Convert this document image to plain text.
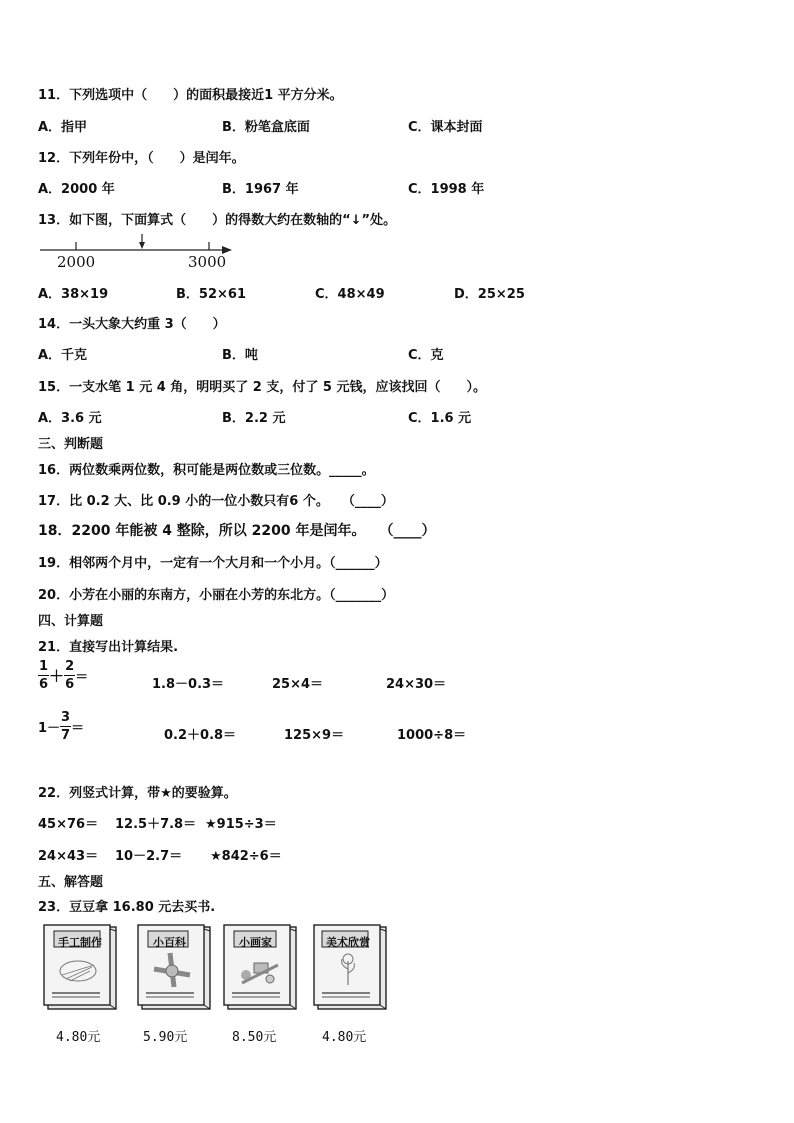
11．下列选项中（　　）的面积最接近1 平方分米。
A．指甲	B．粉笔盒底面	C．课本封面
12．下列年份中，（　　）是闰年。
A．2000 年	B．1967 年	C．1998 年
13．如下图，下面算式（　　）的得数大约在数轴的“↓”处。
2000	3000
A．38×19	B．52×61	C．48×49	D．25×25
14．一头大象大约重 3（　　）
A．千克	B．吨	C．克
15．一支水笔 1 元 4 角，明明买了 2 支，付了 5 元钱，应该找回（　　）。
A．3.6 元	B．2.2 元	C．1.6 元
三、判断题
16．两位数乘两位数，积可能是两位数或三位数。_____。
17．比 0.2 大、比 0.9 小的一位小数只有6 个。　　（____）
18．2200 年能被 4 整除，所以 2200 年是闰年。　　（____）
19．相邻两个月中，一定有一个大月和一个小月。（______）
20．小芳在小丽的东南方，小丽在小芳的东北方。（_______）
四、计算题
21．直接写出计算结果.
$\frac{1}{6} + \frac{2}{6}$ ＝	1.8－0.3＝	25×4＝	24×30＝
$1- \frac{3}{7}$ ＝	0.2＋0.8＝	125×9＝	1000÷8＝
22．列竖式计算，带★的要验算。
45×76＝ 12.5＋7.8＝ ★915÷3＝
24×43＝ 10－2.7＝ ★842÷6＝
五、解答题
23．豆豆拿 16.80 元去买书.
手工制作	小百科	小画家	美术欣赏
4.80元	5.90元	8.50元	4.80元
